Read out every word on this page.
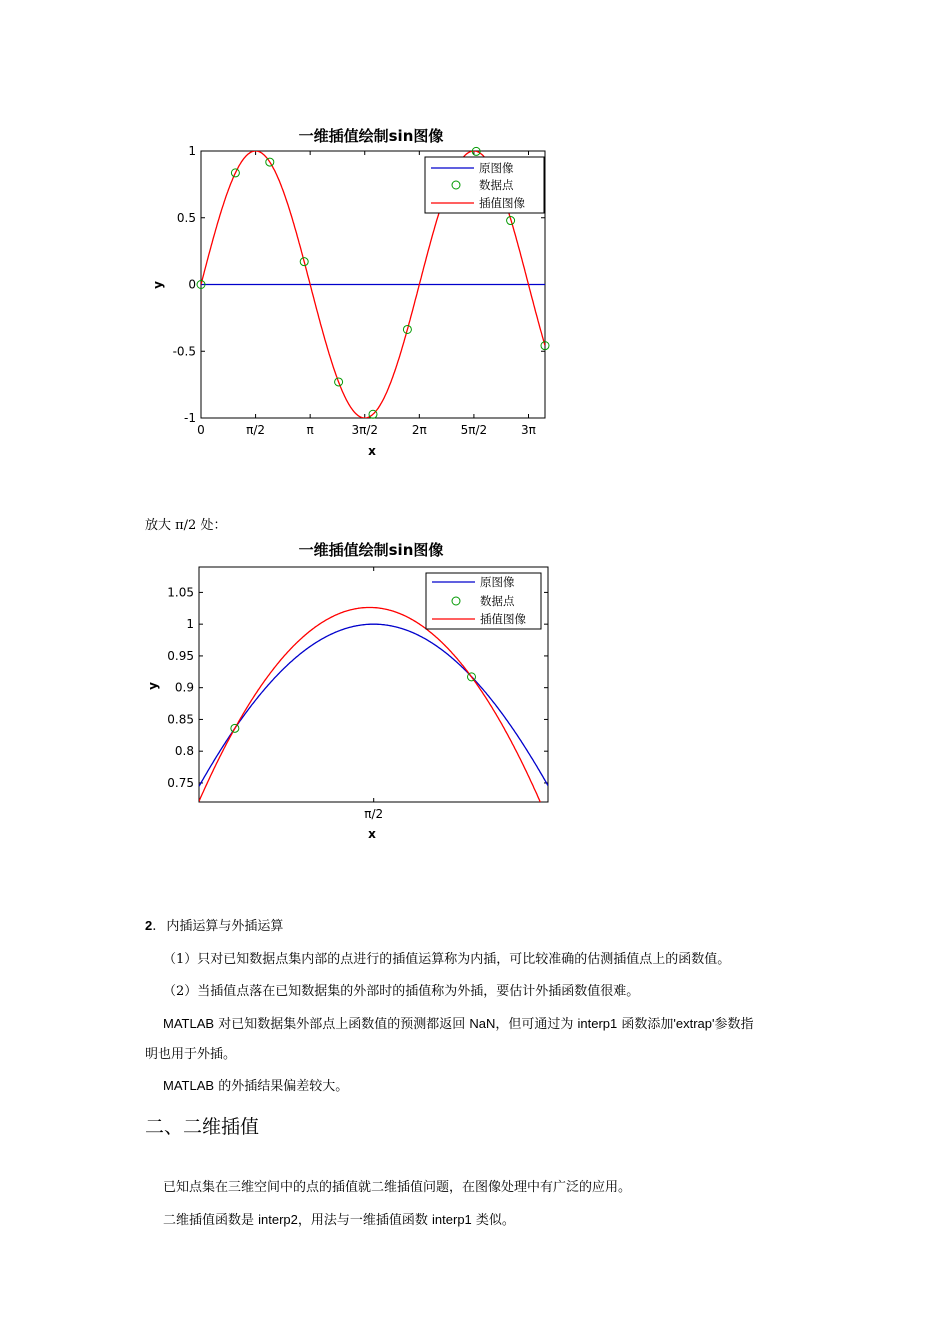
一维插值绘制sin图像
0	π/2	π	3π/2	2π	5π/2	3π
1
0.5
0
-0.5
-1
x
y
原图像
数据点
插值图像
放大 π/2 处：
一维插值绘制sin图像
π/2
1.05
1
0.95
0.9
0.85
0.8
0.75
x
y
原图像
数据点
插值图像
2. 内插运算与外插运算
（1）只对已知数据点集内部的点进行的插值运算称为内插，可比较准确的估测插值点上的函数值。
（2）当插值点落在已知数据集的外部时的插值称为外插，要估计外插函数值很难。
MATLAB 对已知数据集外部点上函数值的预测都返回 NaN，但可通过为 interp1 函数添加'extrap'参数指
明也用于外插。
MATLAB 的外插结果偏差较大。
二、二维插值
已知点集在三维空间中的点的插值就二维插值问题，在图像处理中有广泛的应用。
二维插值函数是 interp2，用法与一维插值函数 interp1 类似。
